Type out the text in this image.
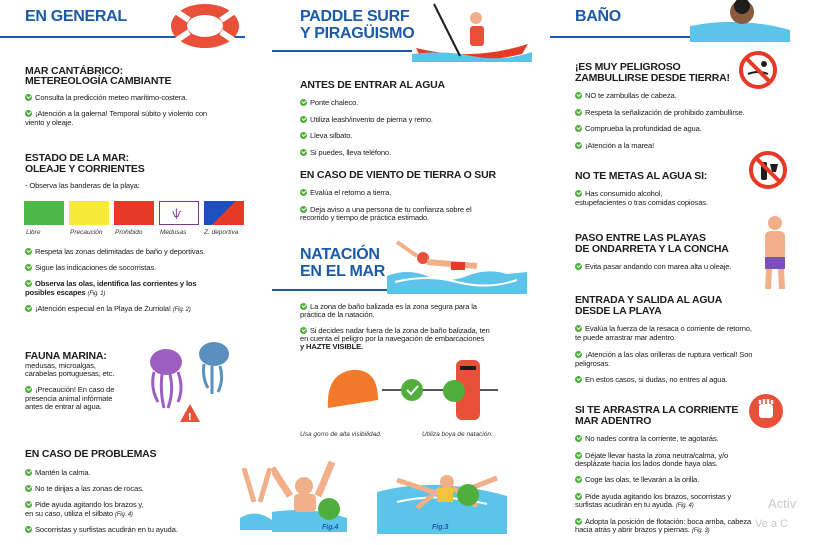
EN GENERAL
MAR CANTÁBRICO:
METEREOLOGÍA CAMBIANTE
Consulta la predicción meteo marítimo-costera.
¡Atención a la galerna! Temporal súbito y violento con
viento y oleaje.
ESTADO DE LA MAR:
OLEAJE Y CORRIENTES
- Observa las banderas de la playa:
ѱ
Libre	Precaución Prohibido	Medusas	Z. deportiva
Respeta las zonas delimitadas de baño y deportivas.
Sigue las indicaciones de socorristas.
Observa las olas, identifica las corrientes y los
posibles escapes (Fig. 1)
¡Atención especial en la Playa de Zurriola! (Fig. 2)
FAUNA MARINA:
medusas, microalgas,
carabelas portuguesas, etc.
¡Precaución! En caso de
presencia animal infórmate
antes de entrar al agua.
!
EN CASO DE PROBLEMAS
Mantén la calma.
No te dirijas a las zonas de rocas.
Pide ayuda agitando los brazos y,
en su caso, utiliza el silbato (Fig. 4)
Socorristas y surfistas acudirán en tu ayuda.
PADDLE SURF
Y PIRAGÜISMO
ANTES DE ENTRAR AL AGUA
Ponte chaleco.
Utiliza leash/invento de pierna y remo.
Lleva silbato.
Si puedes, lleva teléfono.
EN CASO DE VIENTO DE TIERRA O SUR
Evalúa el retorno a tierra.
Deja aviso a una persona de tu confianza sobre el
recorrido y tiempo de práctica estimado.
NATACIÓN
EN EL MAR
La zona de baño balizada es la zona segura para la
práctica de la natación.
Si decides nadar fuera de la zona de baño balizada, ten
en cuenta el peligro por la navegación de embarcaciones
y HAZTE VISIBLE.
Usa gorro de alta visibilidad.	Utiliza boya de natación.
Fig.4	Fig.3
BAÑO
¡ES MUY PELIGROSO
ZAMBULLIRSE DESDE TIERRA!
NO te zambullas de cabeza.
Respeta la señalización de prohibido zambullirse.
Comprueba la profundidad de agua.
¡Atención a la marea!
NO TE METAS AL AGUA SI:
Has consumido alcohol,
estupefacientes o tras comidas copiosas.
PASO ENTRE LAS PLAYAS
DE ONDARRETA Y LA CONCHA
Evita pasar andando con marea alta u oleaje.
ENTRADA Y SALIDA AL AGUA
DESDE LA PLAYA
Evalúa la fuerza de la resaca o corriente de retorno,
te puede arrastrar mar adentro.
¡Atención a las olas orilleras de ruptura vertical! Son
peligrosas.
En estos casos, si dudas, no entres al agua.
SI TE ARRASTRA LA CORRIENTE
MAR ADENTRO
No nades contra la corriente, te agotarás.
Déjate llevar hasta la zona neutra/calma, y/o
desplázate hacia los lados donde haya olas.
Coge las olas, te llevarán a la orilla.
Pide ayuda agitando los brazos, socorristas y
surfistas acudirán en tu ayuda. (Fig. 4)
Adopta la posición de flotación: boca arriba, cabeza
hacia atrás y abrir brazos y piernas. (Fig. 3)
Activ
Ve a C
